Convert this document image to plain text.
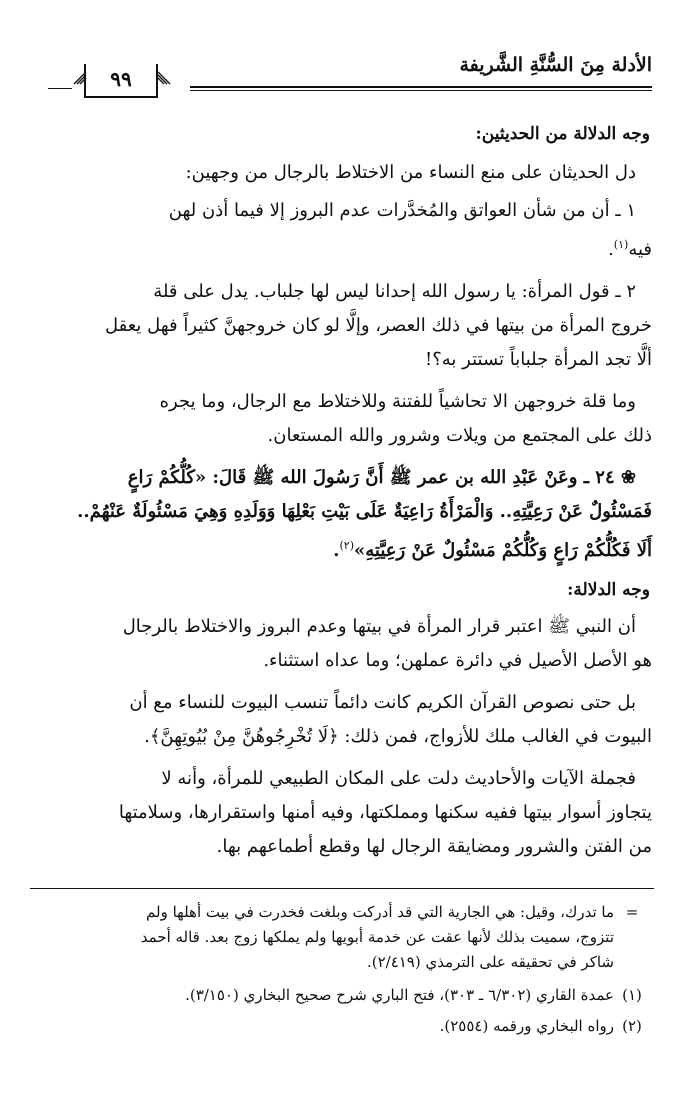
الأدلة مِنَ السُّنَّةِ الشَّريفة
٩٩
وجه الدلالة من الحديثين:
دل الحديثان على منع النساء من الاختلاط بالرجال من وجهين:
١ ـ أن من شأن العواتق والمُخدَّرات عدم البروز إلا فيما أذن لهن
فيه$^{(١)}$.
٢ ـ قول المرأة: يا رسول الله إحدانا ليس لها جلباب. يدل على قلة
خروج المرأة من بيتها في ذلك العصر، وإلَّا لو كان خروجهنَّ كثيراً فهل يعقل
ألَّا تجد المرأة جلباباً تستتر به؟!
وما قلة خروجهن الا تحاشياً للفتنة وللاختلاط مع الرجال، وما يجره
ذلك على المجتمع من ويلات وشرور والله المستعان.
❀ ٢٤ ـ وعَنْ عَبْدِ الله بن عمر ﷺ أَنَّ رَسُولَ الله ﷺ قَالَ: «كُلُّكُمْ رَاعٍ
فَمَسْئُولٌ عَنْ رَعِيَّتِهِ.. وَالْمَرْأَةُ رَاعِيَةٌ عَلَى بَيْتِ بَعْلِهَا وَوَلَدِهِ وَهِيَ مَسْئُولَةٌ عَنْهُمْ..
أَلَا فَكُلُّكُمْ رَاعٍ وَكُلُّكُمْ مَسْئُولٌ عَنْ رَعِيَّتِهِ»$^{(٢)}$.
وجه الدلالة:
أن النبي ﷺ اعتبر قرار المرأة في بيتها وعدم البروز والاختلاط بالرجال
هو الأصل الأصيل في دائرة عملهن؛ وما عداه استثناء.
بل حتى نصوص القرآن الكريم كانت دائماً تنسب البيوت للنساء مع أن
البيوت في الغالب ملك للأزواج، فمن ذلك: ﴿لَا تُخْرِجُوهُنَّ مِنْ بُيُوتِهِنَّ﴾.
فجملة الآيات والأحاديث دلت على المكان الطبيعي للمرأة، وأنه لا
يتجاوز أسوار بيتها ففيه سكنها ومملكتها، وفيه أمنها واستقرارها، وسلامتها
من الفتن والشرور ومضايقة الرجال لها وقطع أطماعهم بها.
=
ما تدرك، وقيل: هي الجارية التي قد أدركت وبلغت فخدرت في بيت أهلها ولم
تتزوج، سميت بذلك لأنها عقت عن خدمة أبويها ولم يملكها زوج بعد. قاله أحمد
شاكر في تحقيقه على الترمذي (٢/٤١٩).
(١)
عمدة القاري (٦/٣٠٢ ـ ٣٠٣)، فتح الباري شرح صحيح البخاري (٣/١٥٠).
(٢)
رواه البخاري ورقمه (٢٥٥٤).
